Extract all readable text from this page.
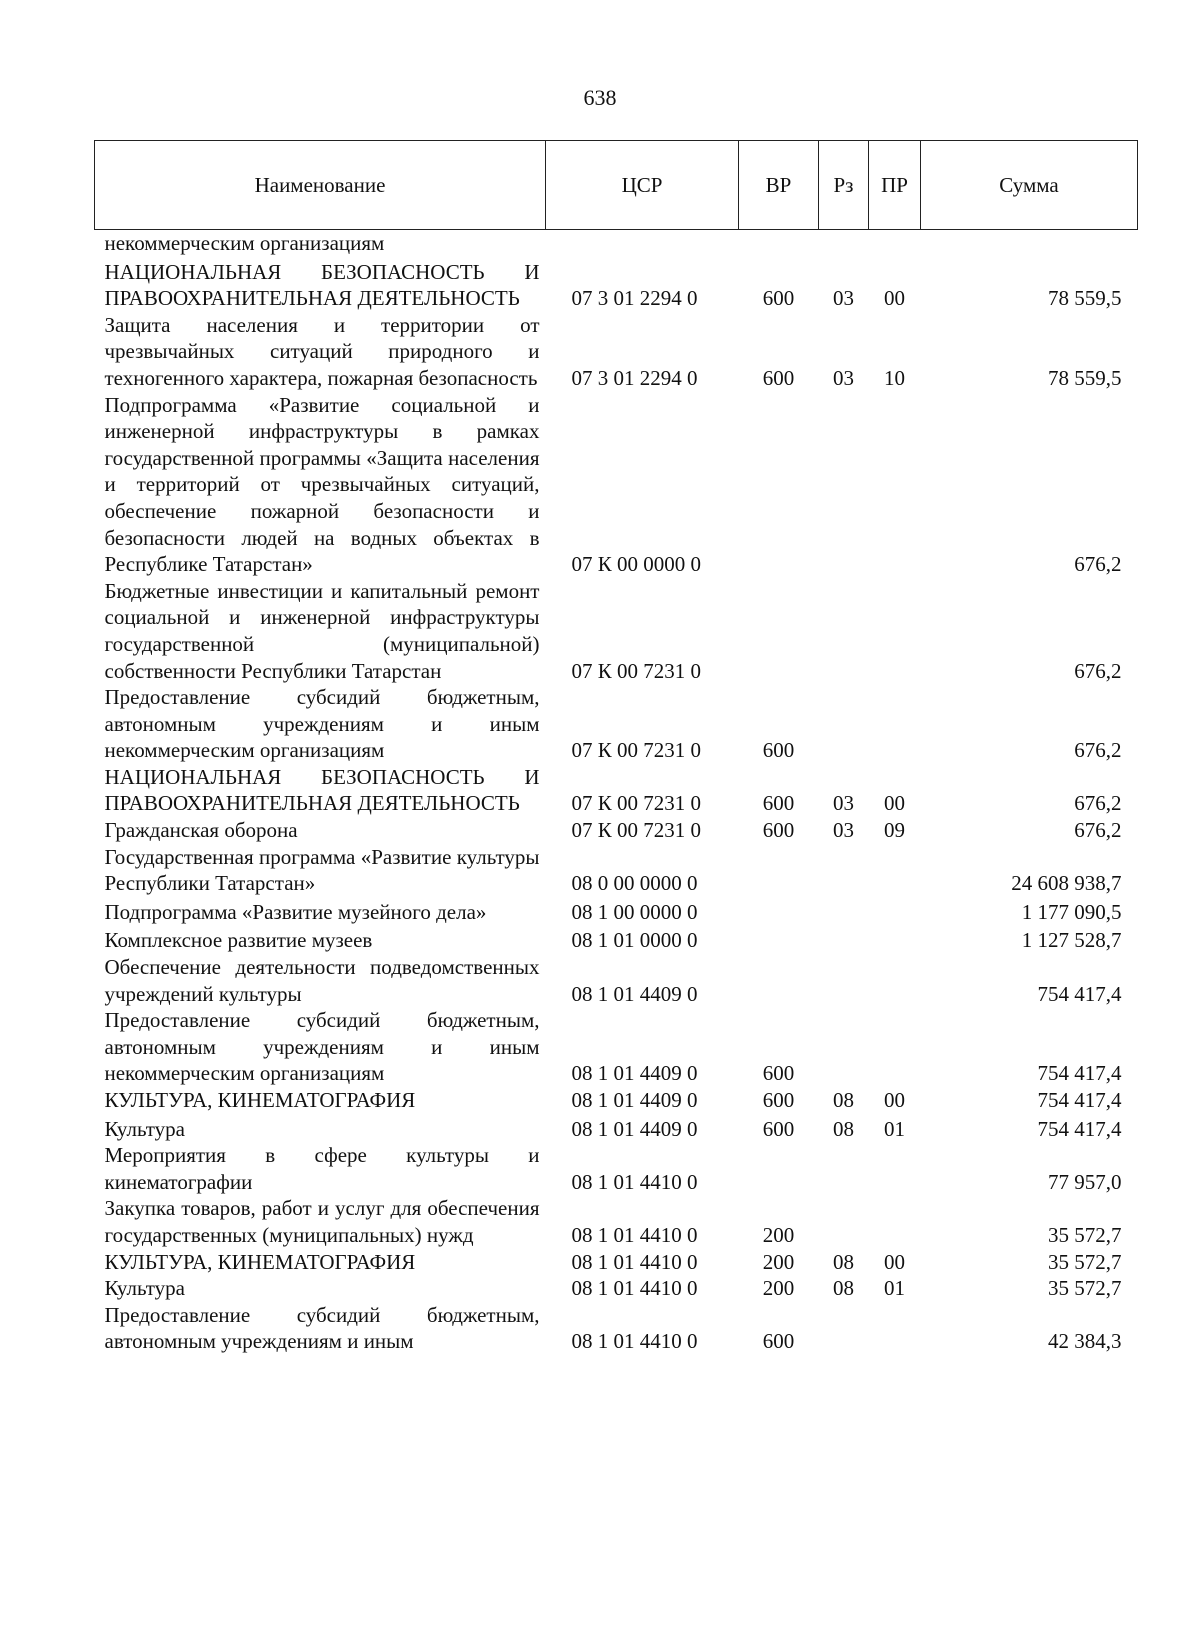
638
Наименование	ЦСР	ВР	Рз	ПР	Сумма

некоммерческим организациям					

НАЦИОНАЛЬНАЯ БЕЗОПАСНОСТЬ И ПРАВООХРАНИТЕЛЬНАЯ ДЕЯТЕЛЬНОСТЬ	07 3 01 2294 0	600	03	00	78 559,5

Защита населения и территории от чрезвычайных ситуаций природного и техногенного характера, пожарная безопасность	07 3 01 2294 0	600	03	10	78 559,5

Подпрограмма «Развитие социальной и инженерной инфраструктуры в рамках государственной программы «Защита населения и территорий от чрезвычайных ситуаций, обеспечение пожарной безопасности и безопасности людей на водных объектах в Республике Татарстан»	07 К 00 0000 0				676,2

Бюджетные инвестиции и капитальный ремонт социальной и инженерной инфраструктуры государственной (муниципальной) собственности Республики Татарстан	07 К 00 7231 0				676,2

Предоставление субсидий бюджетным, автономным учреждениям и иным некоммерческим организациям	07 К 00 7231 0	600			676,2

НАЦИОНАЛЬНАЯ БЕЗОПАСНОСТЬ И ПРАВООХРАНИТЕЛЬНАЯ ДЕЯТЕЛЬНОСТЬ	07 К 00 7231 0	600	03	00	676,2

Гражданская оборона	07 К 00 7231 0	600	03	09	676,2

Государственная программа «Развитие культуры Республики Татарстан»	08 0 00 0000 0				24 608 938,7

Подпрограмма «Развитие музейного дела»	08 1 00 0000 0				1 177 090,5

Комплексное развитие музеев	08 1 01 0000 0				1 127 528,7

Обеспечение деятельности подведомственных учреждений культуры	08 1 01 4409 0				754 417,4

Предоставление субсидий бюджетным, автономным учреждениям и иным некоммерческим организациям	08 1 01 4409 0	600			754 417,4

КУЛЬТУРА, КИНЕМАТОГРАФИЯ	08 1 01 4409 0	600	08	00	754 417,4

Культура	08 1 01 4409 0	600	08	01	754 417,4

Мероприятия в сфере культуры и кинематографии	08 1 01 4410 0				77 957,0

Закупка товаров, работ и услуг для обеспечения государственных (муниципальных) нужд	08 1 01 4410 0	200			35 572,7

КУЛЬТУРА, КИНЕМАТОГРАФИЯ	08 1 01 4410 0	200	08	00	35 572,7

Культура	08 1 01 4410 0	200	08	01	35 572,7

Предоставление субсидий бюджетным, автономным учреждениям и иным	08 1 01 4410 0	600			42 384,3
